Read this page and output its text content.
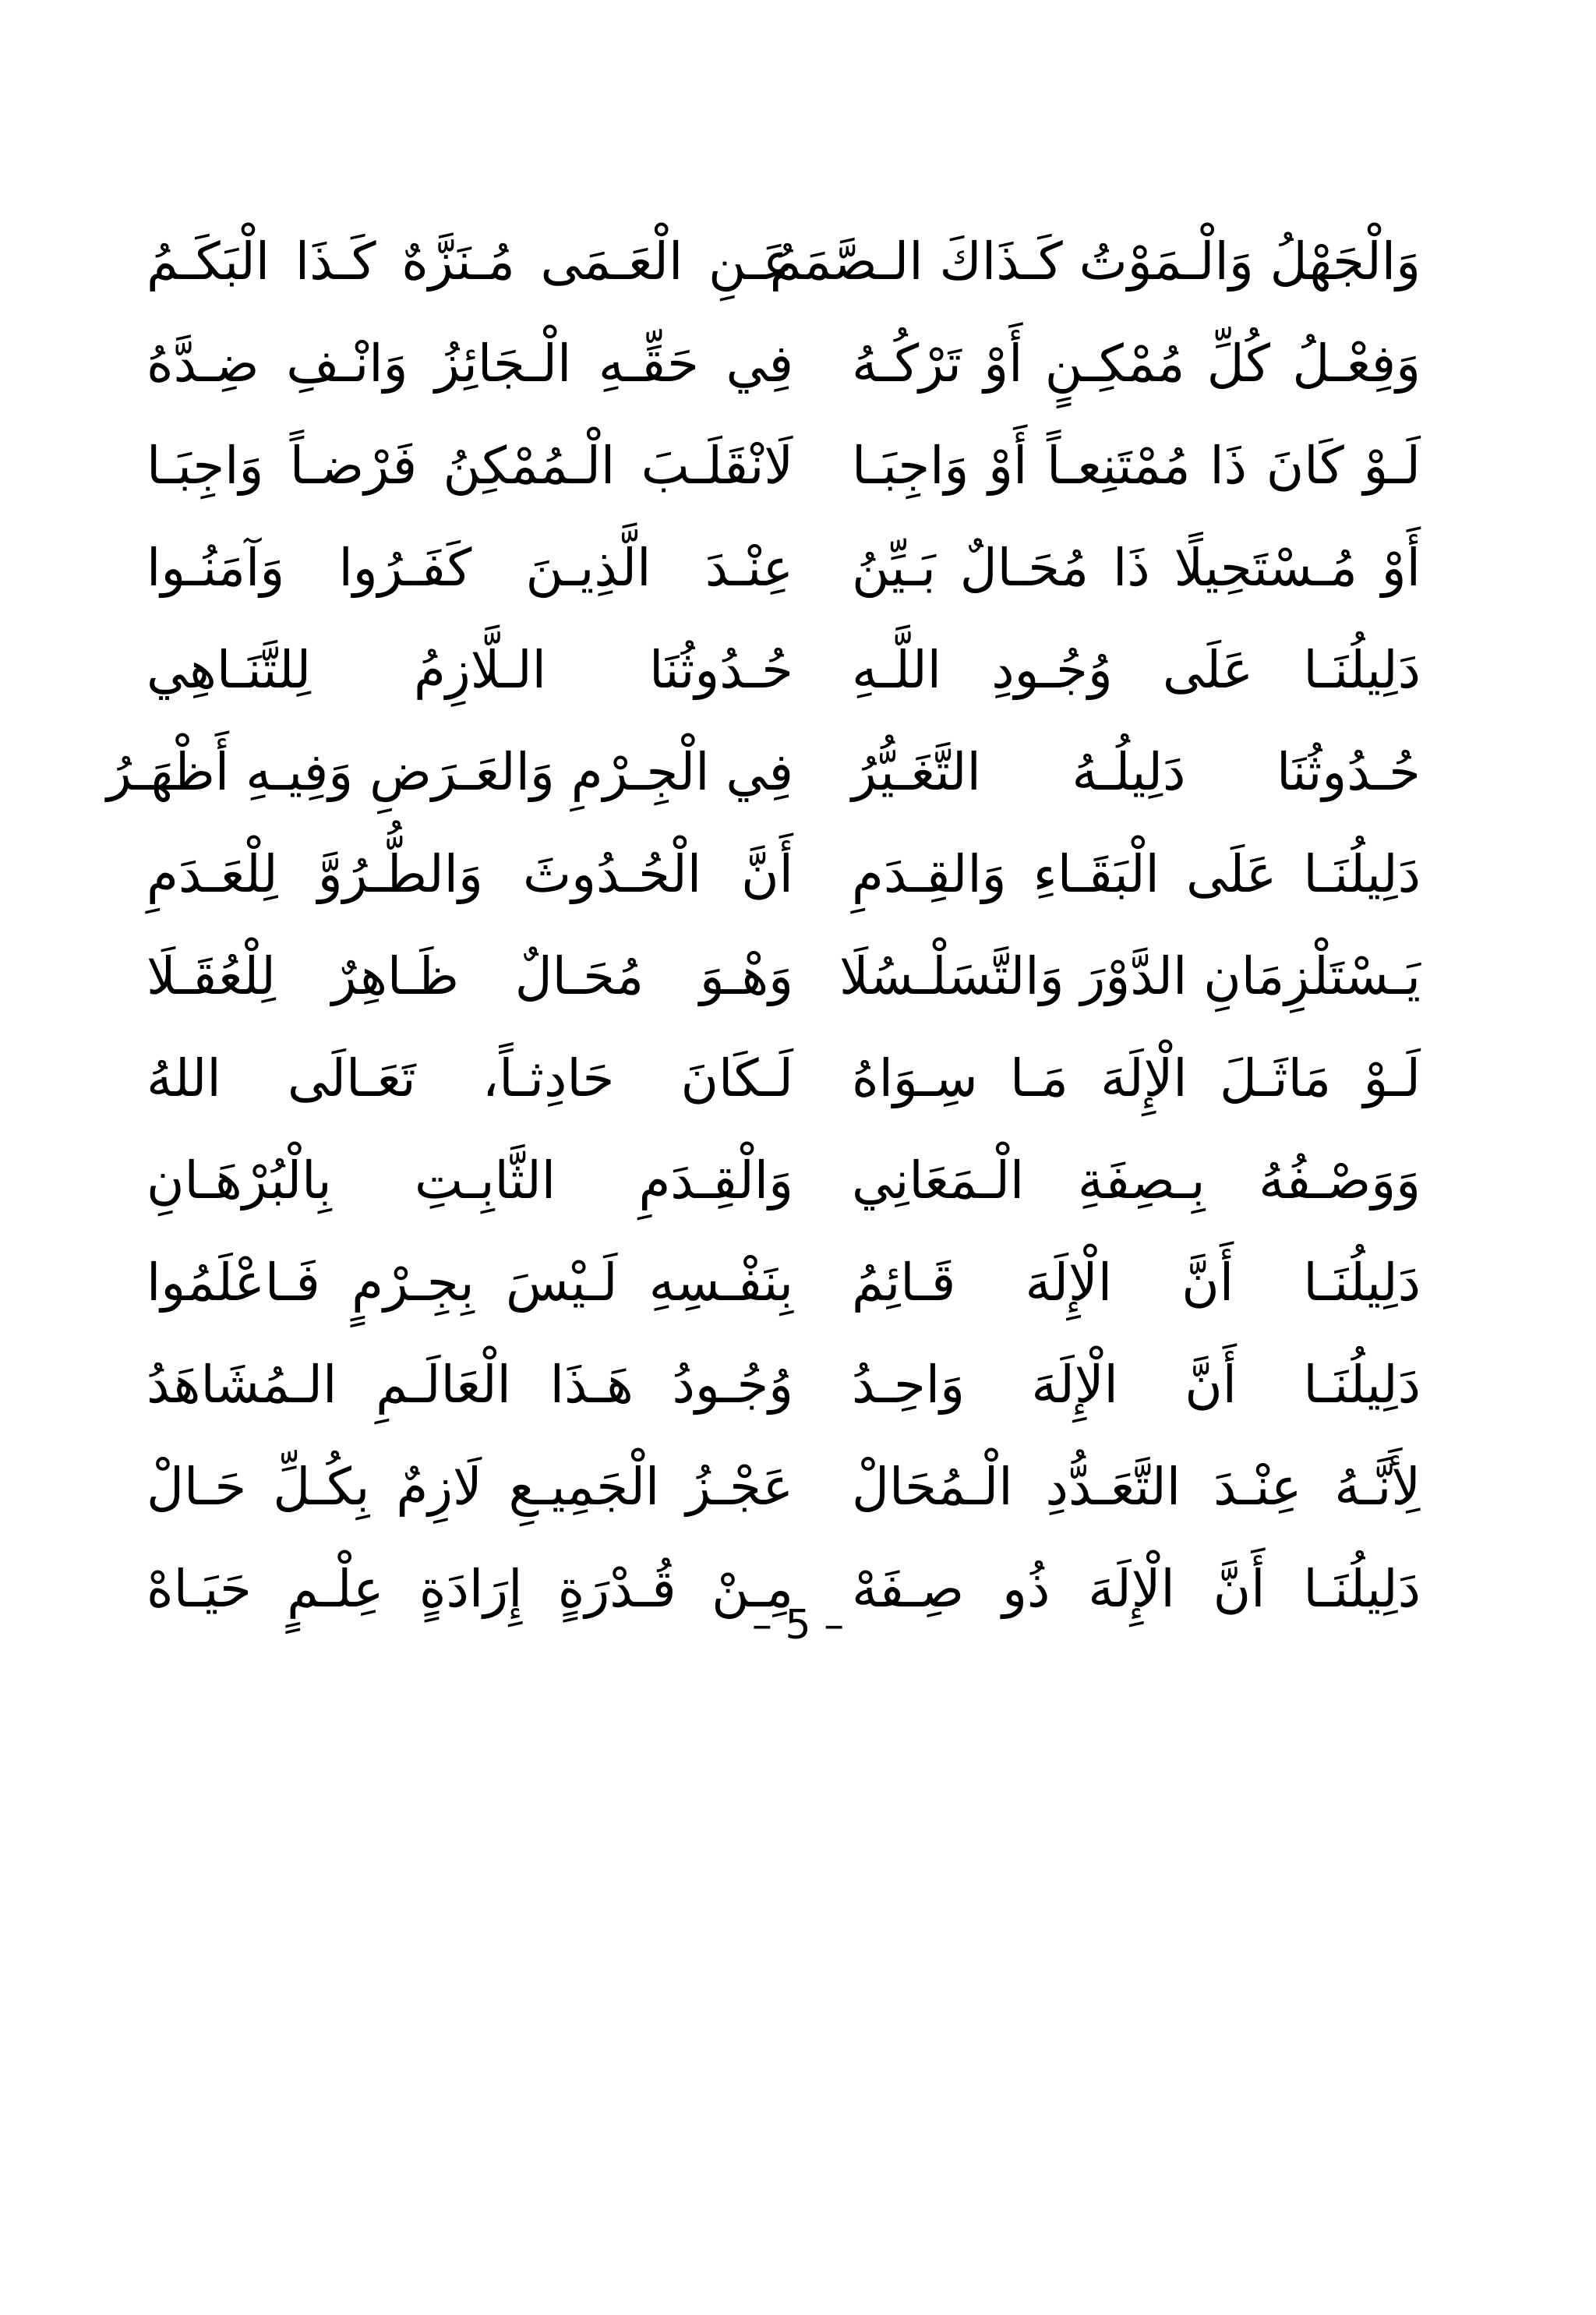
وَالْجَهْلُ وَالْـمَوْتُ كَـذَاكَ الـصَّمَمُ
عَـنِ الْعَـمَى مُـنَزَّهٌ كَـذَا الْبَكَـمُ
وَفِعْـلُ كُلِّ مُمْكِـنٍ أَوْ تَرْكُـهُ
فِي حَقِّـهِ الْـجَائِزُ وَانْـفِ ضِـدَّهُ
لَـوْ كَانَ ذَا مُمْتَنِعـاً أَوْ وَاجِبَـا
لَانْقَلَـبَ الْـمُمْكِنُ فَرْضـاً وَاجِبَـا
أَوْ مُـسْتَحِيلًا ذَا مُحَـالٌ بَـيِّنُ
عِنْـدَ الَّذِيـنَ كَفَـرُوا وَآمَنُـوا
دَلِيلُنَـا عَلَى وُجُـودِ اللَّـهِ
حُـدُوثُنَا الـلَّازِمُ لِلتَّنَـاهِي
حُـدُوثُنَا دَلِيلُـهُ التَّغَـيُّرُ
فِي الْجِـرْمِ وَالعَـرَضِ وَفِيـهِ أَظْهَـرُ
دَلِيلُنَـا عَلَى الْبَقَـاءِ وَالقِـدَمِ
أَنَّ الْحُـدُوثَ وَالطُّـرُوَّ لِلْعَـدَمِ
يَـسْتَلْزِمَانِ الدَّوْرَ وَالتَّسَلْـسُلَا
وَهْـوَ مُحَـالٌ ظَـاهِرٌ لِلْعُقَـلَا
لَـوْ مَاثَـلَ الْإِلَهَ مَـا سِـوَاهُ
لَـكَانَ حَادِثـاً، تَعَـالَى اللهُ
وَوَصْـفُهُ بِـصِفَةِ الْـمَعَانِي
وَالْقِـدَمِ الثَّابِـتِ بِالْبُرْهَـانِ
دَلِيلُنَـا أَنَّ الْإِلَهَ قَـائِمُ
بِنَفْـسِهِ لَـيْسَ بِجِـرْمٍ فَـاعْلَمُوا
دَلِيلُنَـا أَنَّ الْإِلَهَ وَاحِـدُ
وُجُـودُ هَـذَا الْعَالَـمِ الـمُشَاهَدُ
لِأَنَّـهُ عِنْـدَ التَّعَـدُّدِ الْـمُحَالْ
عَجْـزُ الْجَمِيـعِ لَازِمٌ بِكُـلِّ حَـالْ
دَلِيلُنَـا أَنَّ الْإِلَهَ ذُو صِـفَهْ
مِـنْ قُـدْرَةٍ إِرَادَةٍ عِلْـمٍ حَيَـاهْ
– 5 –
